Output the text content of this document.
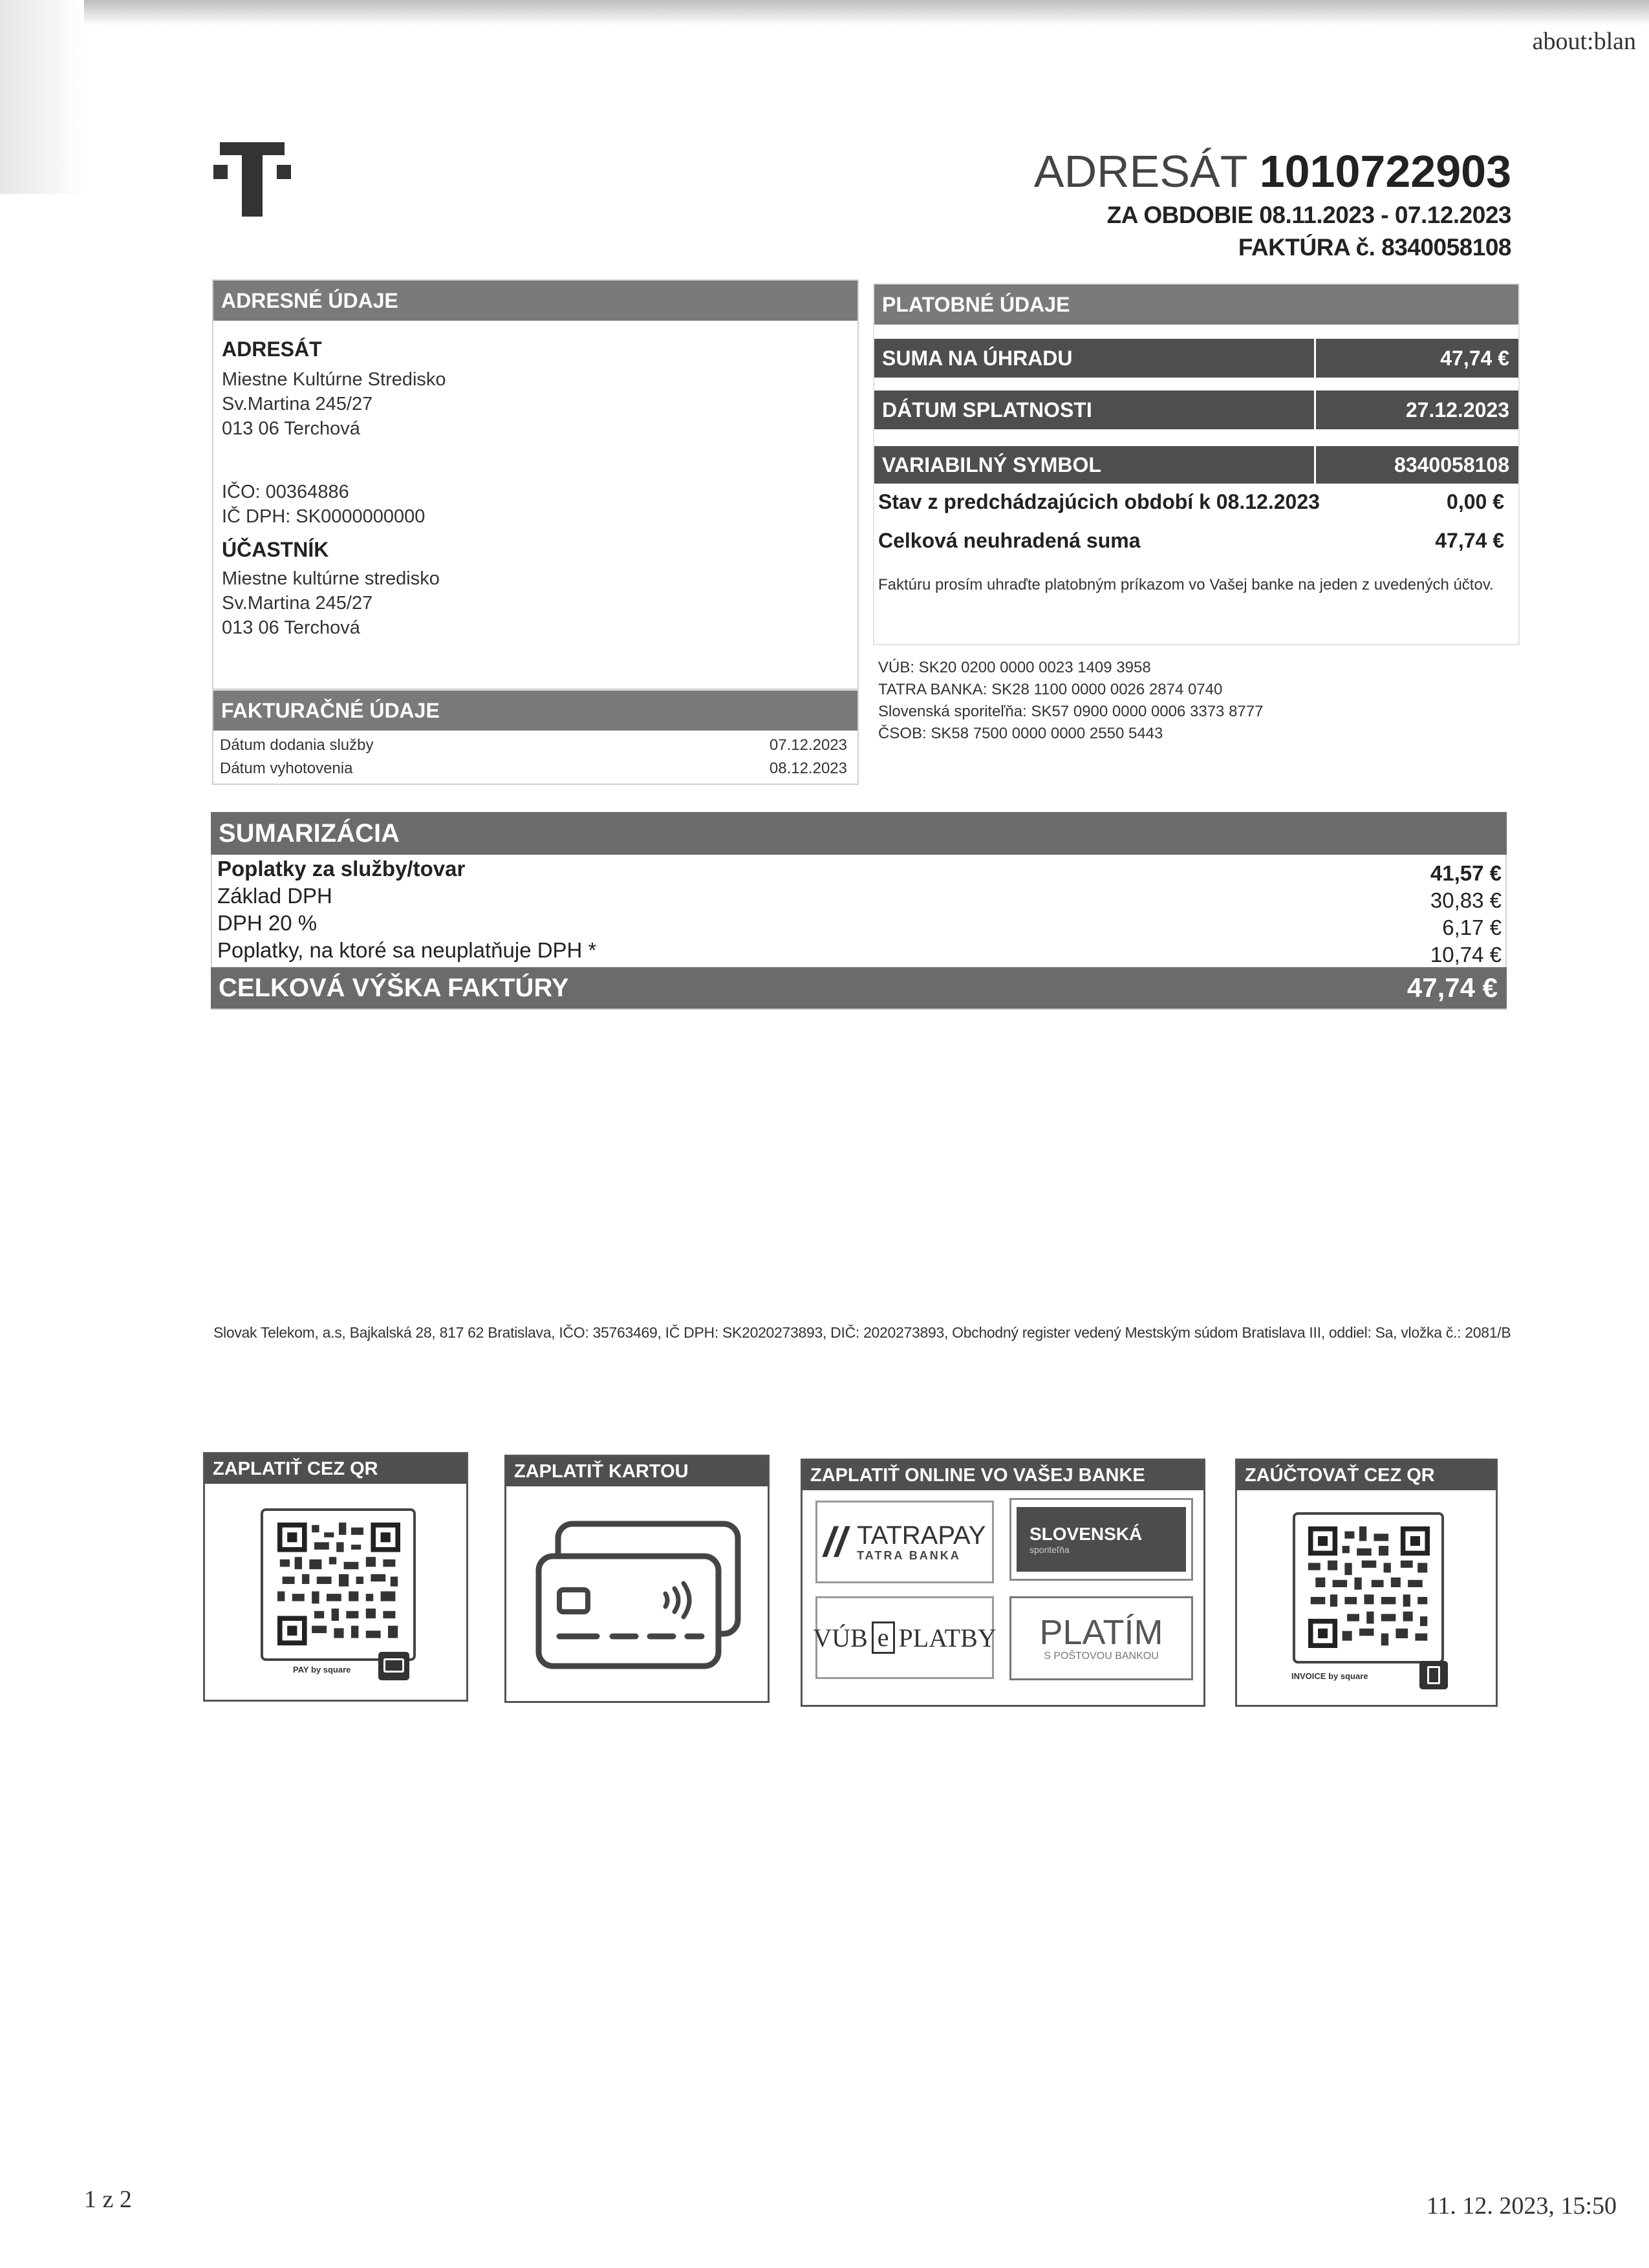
about:blan
1 z 2	11. 12. 2023, 15:50
ADRESÁT 1010722903
ZA OBDOBIE 08.11.2023 - 07.12.2023
FAKTÚRA č. 8340058108
ADRESNÉ ÚDAJE
ADRESÁT
Miestne Kultúrne Stredisko
Sv.Martina 245/27
013 06 Terchová
IČO: 00364886
IČ DPH: SK0000000000
ÚČASTNÍK
Miestne kultúrne stredisko
Sv.Martina 245/27
013 06 Terchová
FAKTURAČNÉ ÚDAJE
Dátum dodania služby	07.12.2023
Dátum vyhotovenia	08.12.2023
PLATOBNÉ ÚDAJE
SUMA NA ÚHRADU	47,74 €
DÁTUM SPLATNOSTI	27.12.2023
VARIABILNÝ SYMBOL	8340058108
Stav z predchádzajúcich období k 08.12.2023	0,00 €
Celková neuhradená suma	47,74 €
Faktúru prosím uhraďte platobným príkazom vo Vašej banke na jeden z uvedených účtov.
VÚB: SK20 0200 0000 0023 1409 3958
TATRA BANKA: SK28 1100 0000 0026 2874 0740
Slovenská sporiteľňa: SK57 0900 0000 0006 3373 8777
ČSOB: SK58 7500 0000 0000 2550 5443
SUMARIZÁCIA
Poplatky za služby/tovar	41,57 €
Základ DPH	30,83 €
DPH 20 %	6,17 €
Poplatky, na ktoré sa neuplatňuje DPH *	10,74 €
CELKOVÁ VÝŠKA FAKTÚRY	47,74 €
Slovak Telekom, a.s, Bajkalská 28, 817 62 Bratislava, IČO: 35763469, IČ DPH: SK2020273893, DIČ: 2020273893, Obchodný register vedený Mestským súdom Bratislava III, oddiel: Sa, vložka č.: 2081/B
ZAPLATIŤ CEZ QR
PAY by square
ZAPLATIŤ KARTOU	ZAPLATIŤ ONLINE VO VAŠEJ BANKE
// TATRAPAY
TATRA BANKA
SLOVENSKÁ
sporiteľňa
VÚB e PLATBY PLATÍM
S POŠTOVOU BANKOU
ZAÚČTOVAŤ CEZ QR
INVOICE by square
